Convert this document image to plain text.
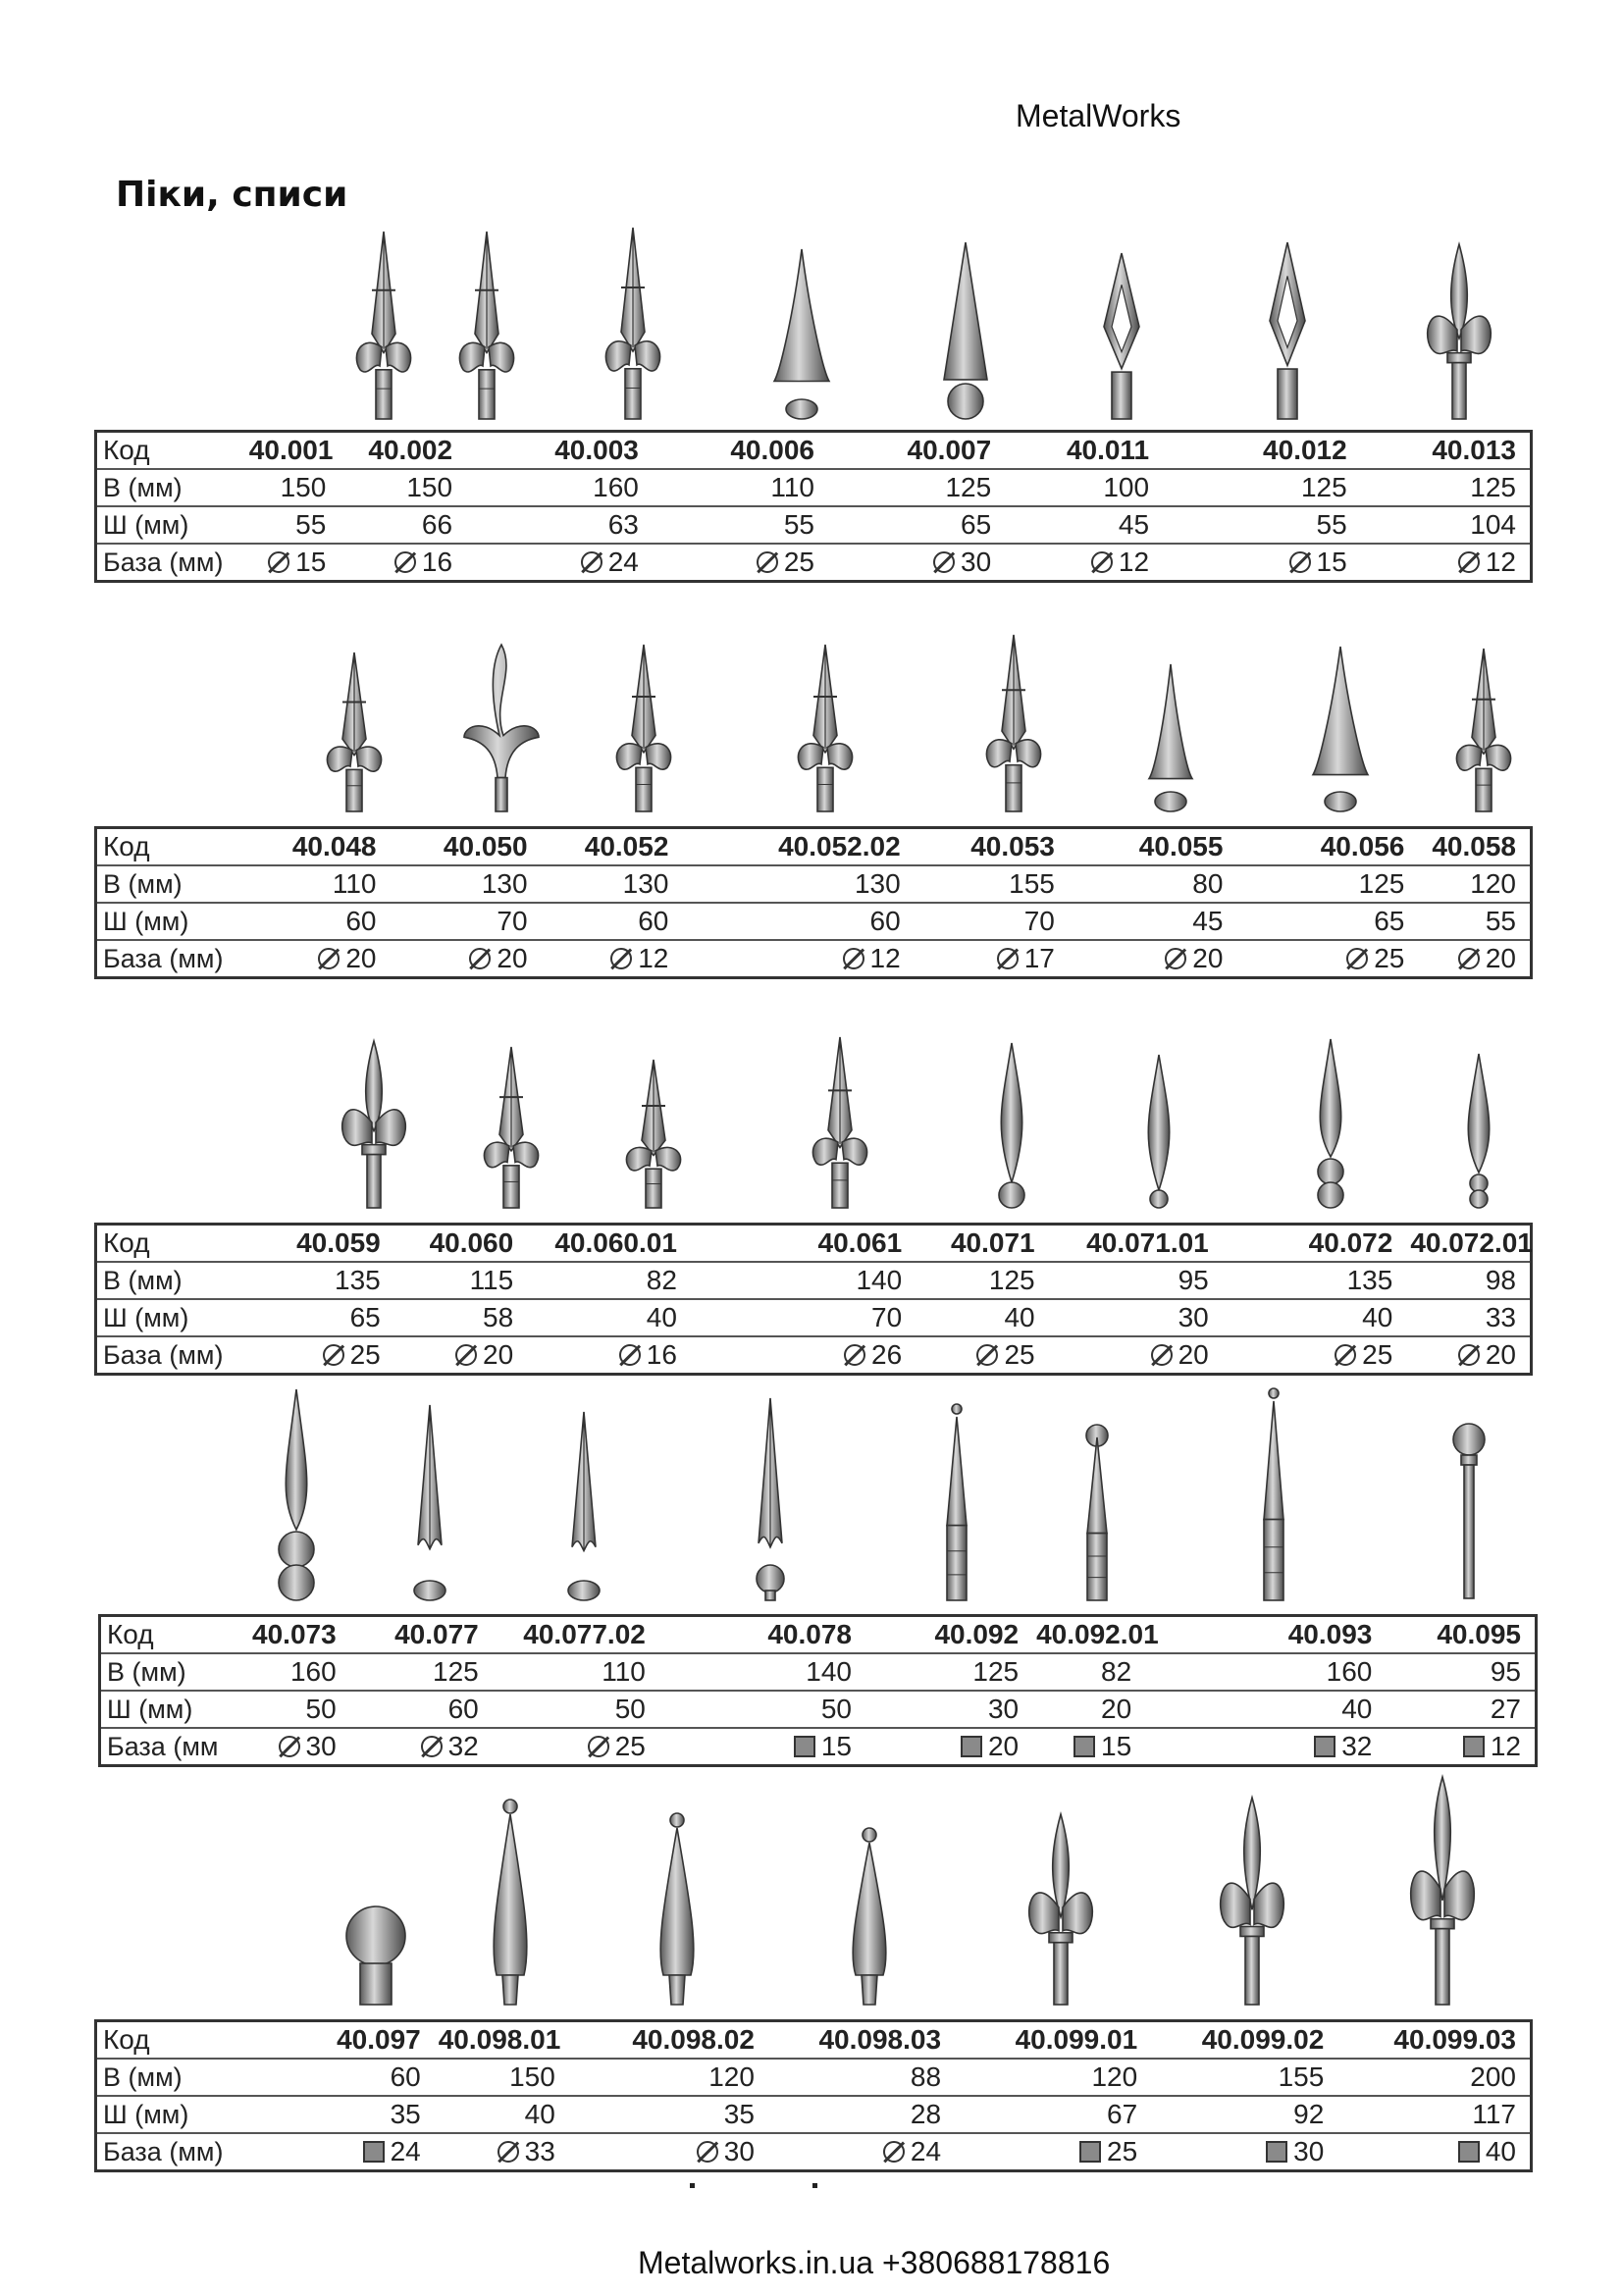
MetalWorks
Піки, списи
Код	40.001	40.002	40.003	40.006	40.007	40.011	40.012	40.013
В (мм)	150	150	160	110	125	100	125	125
Ш (мм)	55	66	63	55	65	45	55	104
База (мм)	15	16	24	25	30	12	15	12
Код	40.048	40.050	40.052	40.052.02	40.053	40.055	40.056	40.058
В (мм)	110	130	130	130	155	80	125	120
Ш (мм)	60	70	60	60	70	45	65	55
База (мм)	20	20	12	12	17	20	25	20
Код	40.059	40.060	40.060.01	40.061	40.071	40.071.01	40.072	40.072.01
В (мм)	135	115	82	140	125	95	135	98
Ш (мм)	65	58	40	70	40	30	40	33
База (мм)	25	20	16	26	25	20	25	20
Код	40.073	40.077	40.077.02	40.078	40.092	40.092.01	40.093	40.095
В (мм)	160	125	110	140	125	82	160	95
Ш (мм)	50	60	50	50	30	20	40	27
База (мм	30	32	25	15	20	15	32	12
Код	40.097	40.098.01	40.098.02	40.098.03	40.099.01	40.099.02	40.099.03
В (мм)	60	150	120	88	120	155	200
Ш (мм)	35	40	35	28	67	92	117
База (мм)	24	33	30	24	25	30	40
Metalworks.in.ua +380688178816
